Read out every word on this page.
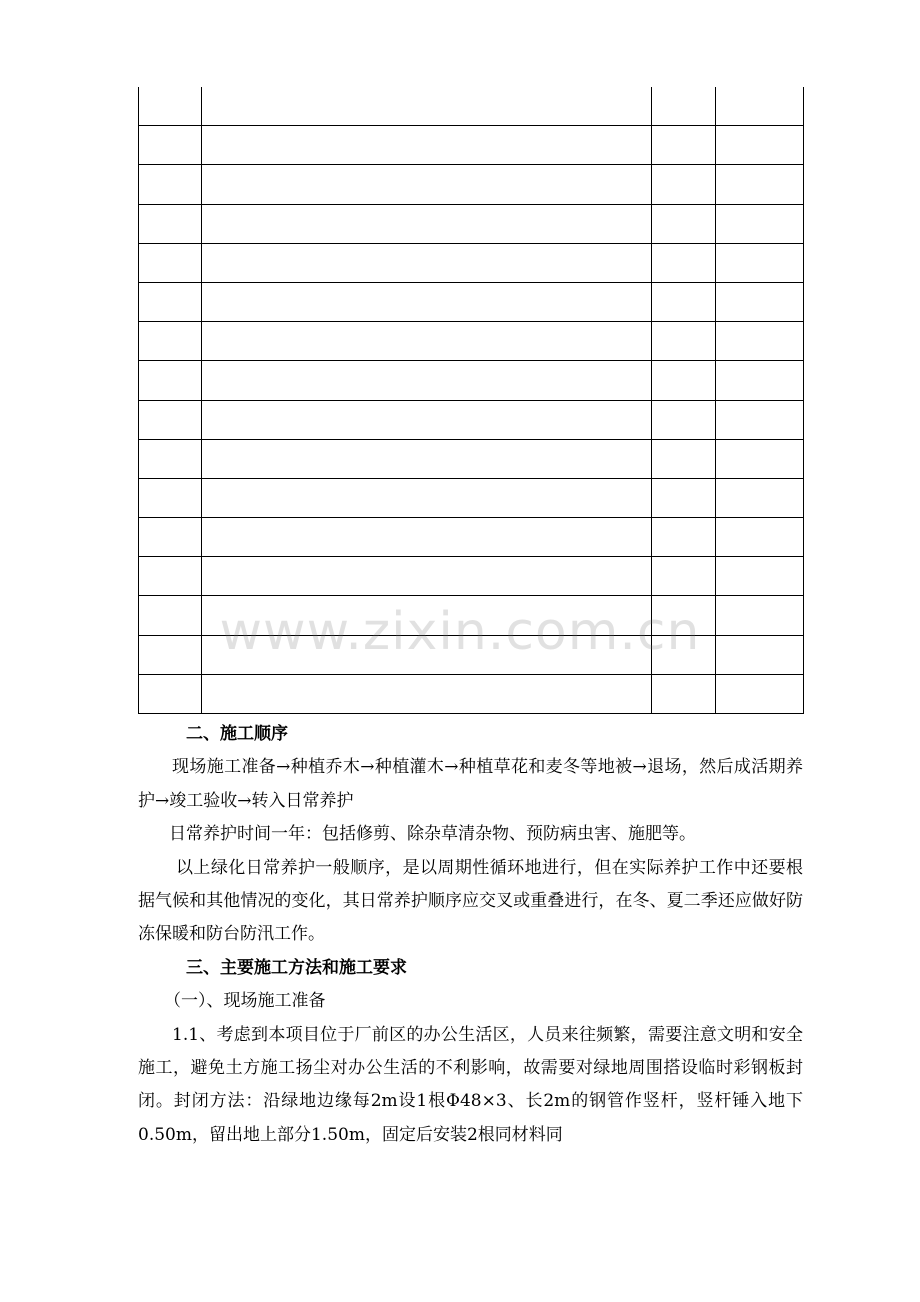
二、施工顺序

现场施工准备→种植乔木→种植灌木→种植草花和麦冬等地被→退场，然后成活期养护→竣工验收→转入日常养护

日常养护时间一年：包括修剪、除杂草清杂物、预防病虫害、施肥等。

以上绿化日常养护一般顺序，是以周期性循环地进行，但在实际养护工作中还要根据气候和其他情况的变化，其日常养护顺序应交叉或重叠进行，在冬、夏二季还应做好防冻保暖和防台防汛工作。

三、主要施工方法和施工要求

（一）、现场施工准备

1.1、考虑到本项目位于厂前区的办公生活区，人员来往频繁，需要注意文明和安全施工，避免土方施工扬尘对办公生活的不利影响，故需要对绿地周围搭设临时彩钢板封闭。封闭方法：沿绿地边缘每2m设1根Φ48×3、长2m的钢管作竖杆，竖杆锤入地下0.50m，留出地上部分1.50m，固定后安装2根同材料同

www.zixin.com.cn
